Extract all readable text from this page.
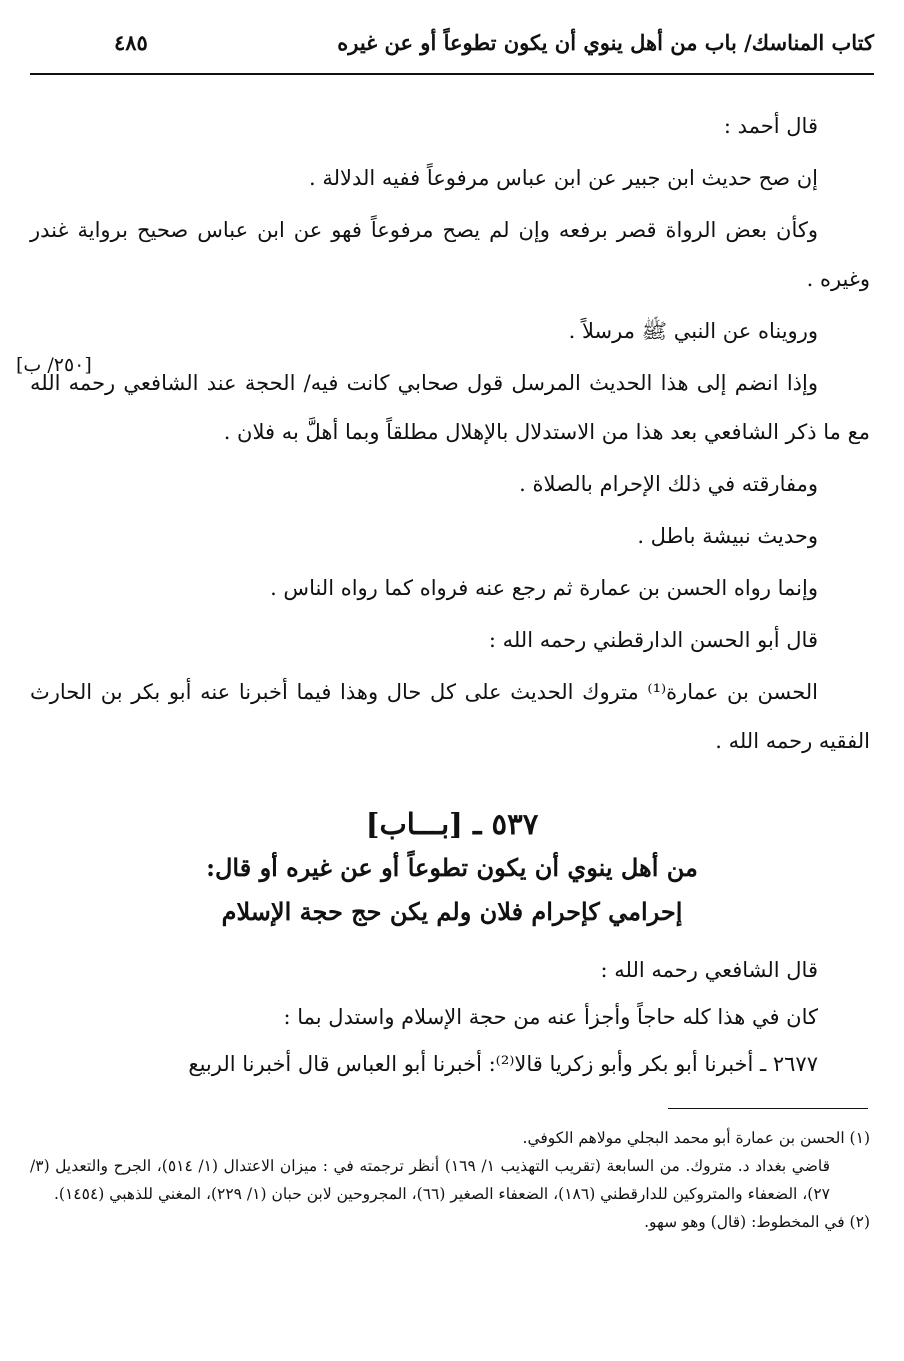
كتاب المناسك/ باب من أهل ينوي أن يكون تطوعاً أو عن غيره
٤٨٥

قال أحمد :

إن صح حديث ابن جبير عن ابن عباس مرفوعاً ففيه الدلالة .

وكأن بعض الرواة قصر برفعه وإن لم يصح مرفوعاً فهو عن ابن عباس صحيح برواية غندر وغيره .

ورويناه عن النبي ﷺ مرسلاً .

وإذا انضم إلى هذا الحديث المرسل قول صحابي كانت فيه/ الحجة عند الشافعي رحمه الله مع ما ذكر الشافعي بعد هذا من الاستدلال بالإهلال مطلقاً وبما أهلَّ به فلان .

ومفارقته في ذلك الإحرام بالصلاة .

وحديث نبيشة باطل .

وإنما رواه الحسن بن عمارة ثم رجع عنه فرواه كما رواه الناس .

قال أبو الحسن الدارقطني رحمه الله :

الحسن بن عمارة⁽¹⁾ متروك الحديث على كل حال وهذا فيما أخبرنا عنه أبو بكر بن الحارث الفقيه رحمه الله .

[٢٥٠/ ب]
٥٣٧ ـ [بـــاب]
من أهل ينوي أن يكون تطوعاً أو عن غيره أو قال:
إحرامي كإحرام فلان ولم يكن حج حجة الإسلام

قال الشافعي رحمه الله :

كان في هذا كله حاجاً وأجزأ عنه من حجة الإسلام واستدل بما :

٢٦٧٧ ـ أخبرنا أبو بكر وأبو زكريا قالا⁽²⁾: أخبرنا أبو العباس قال أخبرنا الربيع

(١) الحسن بن عمارة أبو محمد البجلي مولاهم الكوفي.

قاضي بغداد د. متروك. من السابعة (تقريب التهذيب ١/ ١٦٩) أنظر ترجمته في : ميزان الاعتدال (١/ ٥١٤)، الجرح والتعديل (٣/ ٢٧)، الضعفاء والمتروكين للدارقطني (١٨٦)، الضعفاء الصغير (٦٦)، المجروحين لابن حبان (١/ ٢٢٩)، المغني للذهبي (١٤٥٤).

(٢) في المخطوط: (قال) وهو سهو.
